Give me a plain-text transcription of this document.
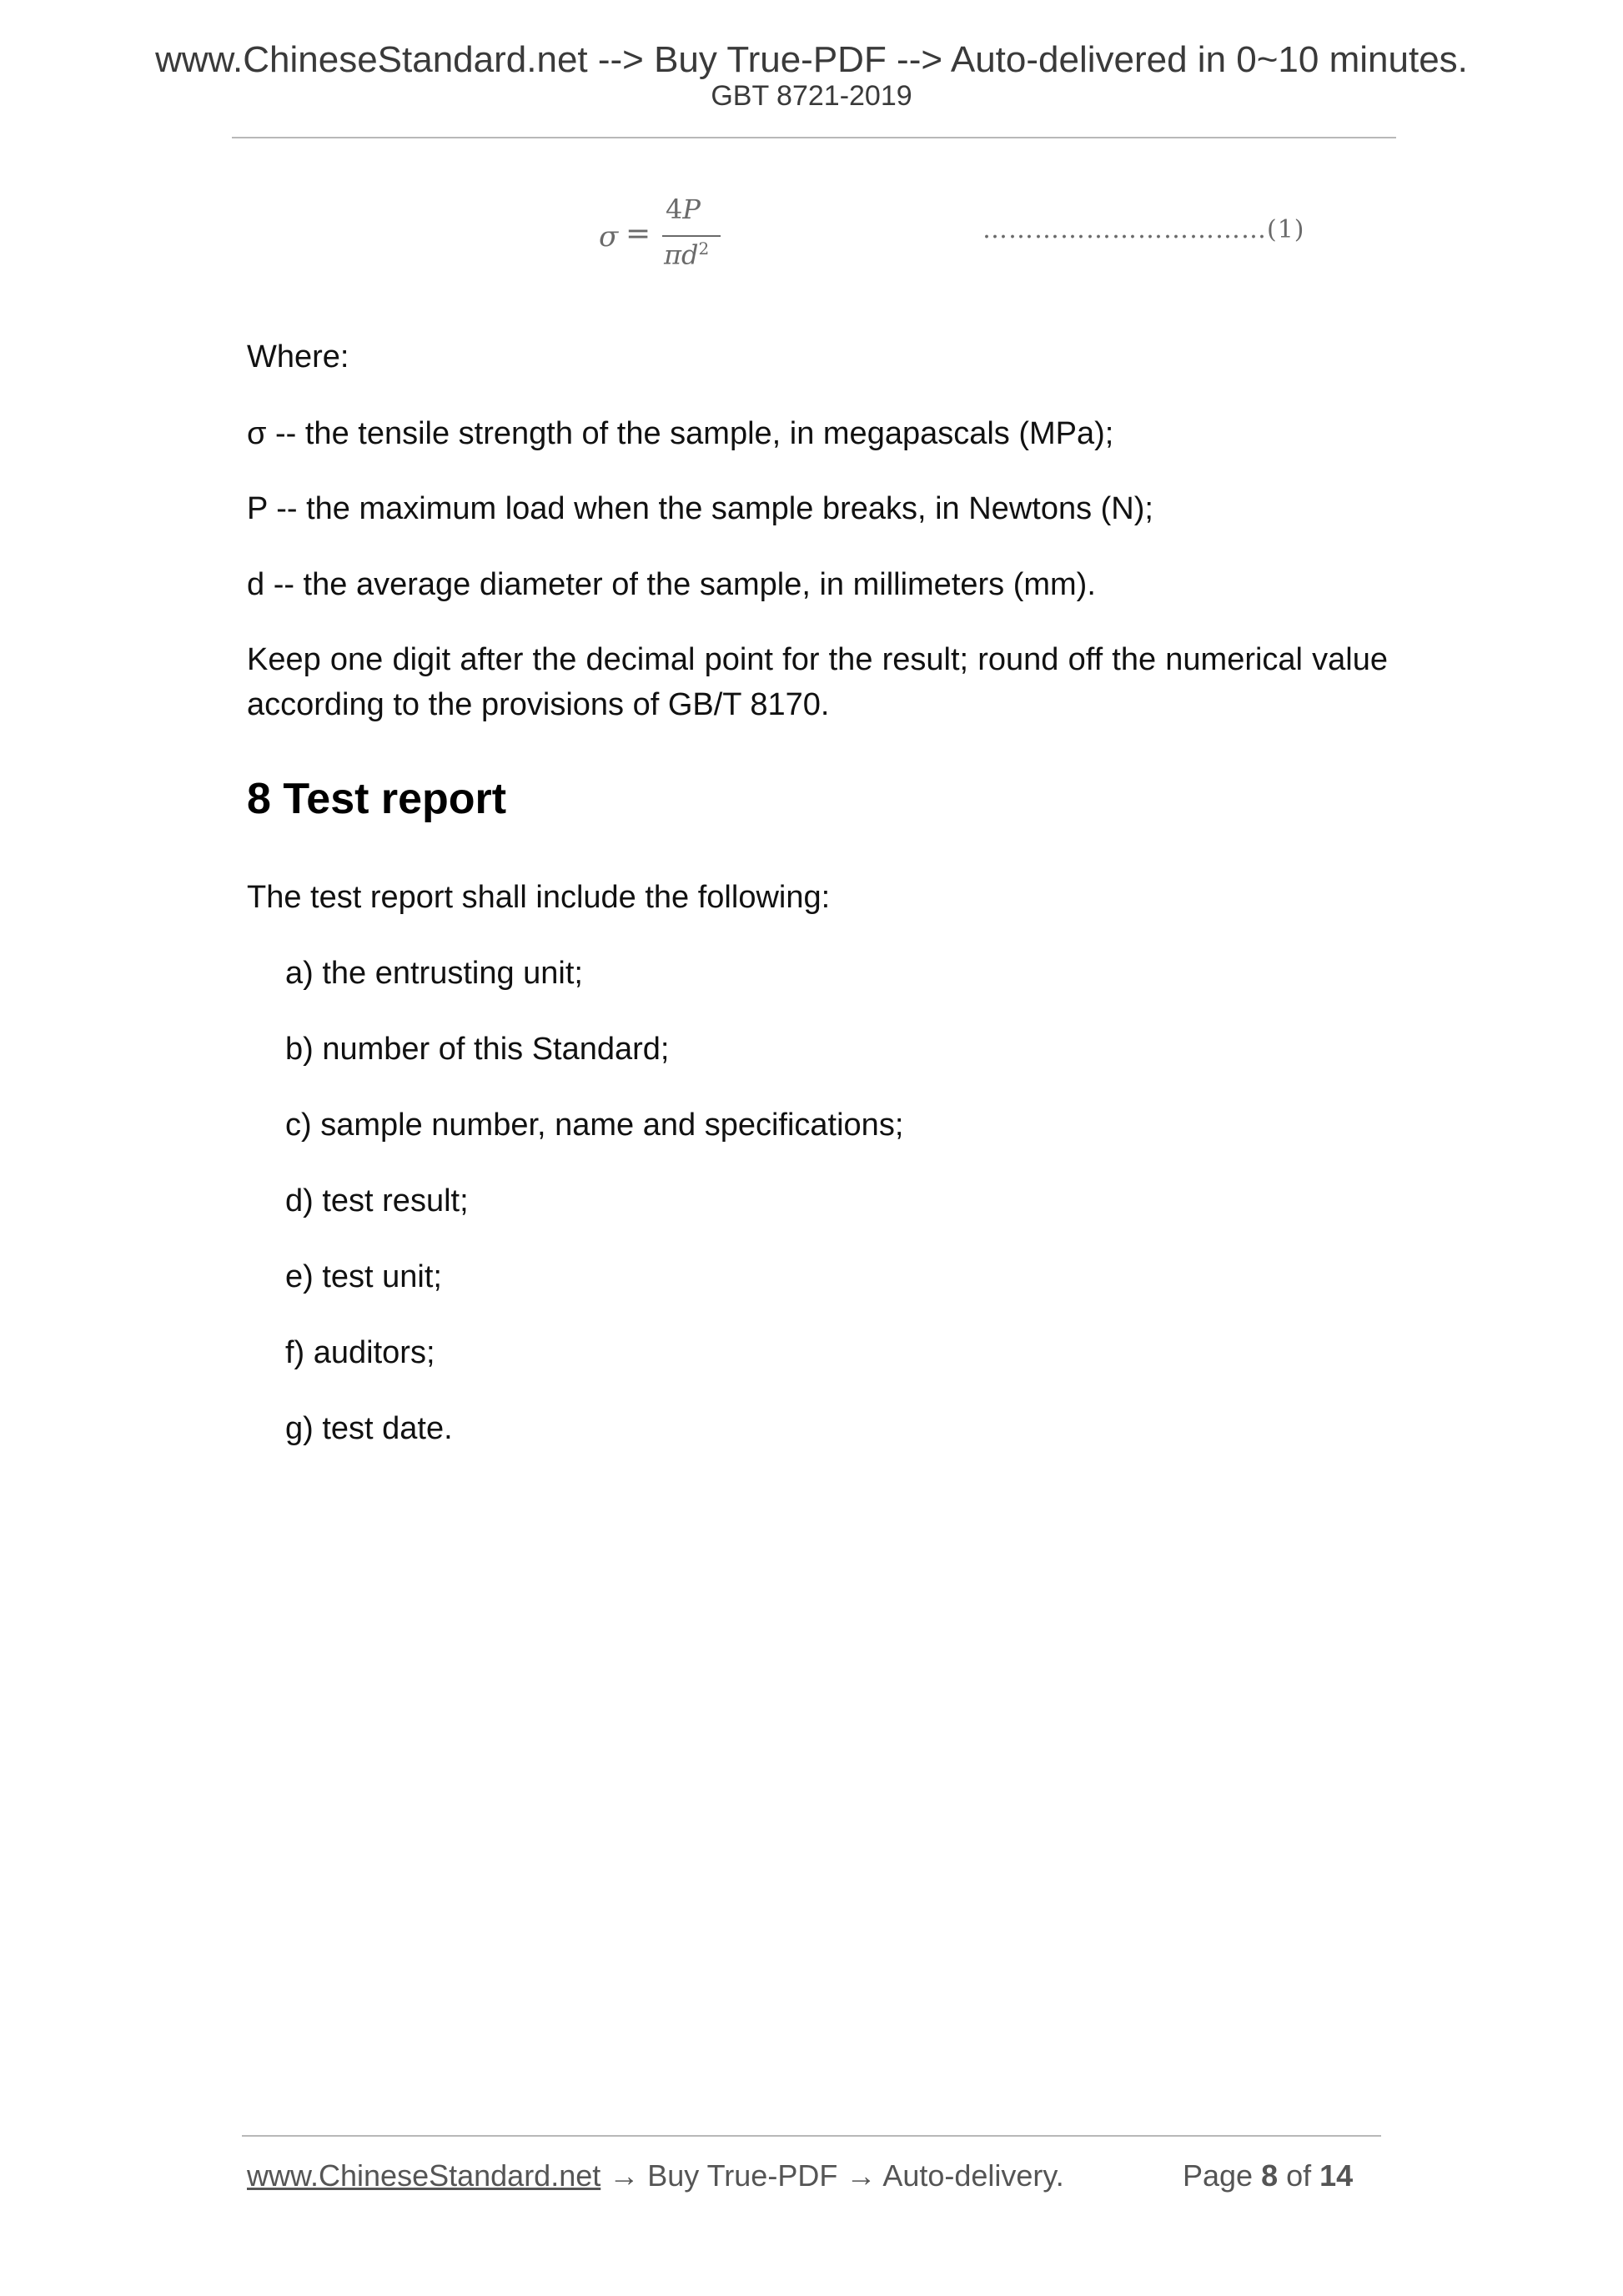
www.ChineseStandard.net --> Buy True-PDF --> Auto-delivered in 0~10 minutes.
GBT 8721-2019
σ =
4P
$\pi d^2$
……………………………(1)
Where:
σ -- the tensile strength of the sample, in megapascals (MPa);
P -- the maximum load when the sample breaks, in Newtons (N);
d -- the average diameter of the sample, in millimeters (mm).
Keep one digit after the decimal point for the result; round off the numerical value according to the provisions of GB/T 8170.
8 Test report
The test report shall include the following:
a) the entrusting unit;
b) number of this Standard;
c) sample number, name and specifications;
d) test result;
e) test unit;
f) auditors;
g) test date.
www.ChineseStandard.net → Buy True-PDF → Auto-delivery.	Page 8 of 14
